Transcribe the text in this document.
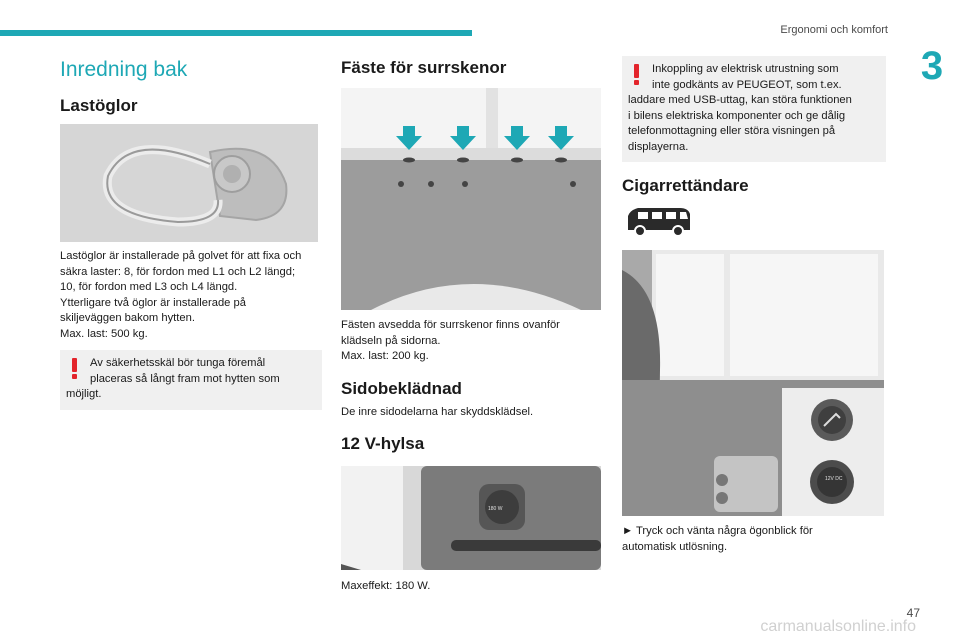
Ergonomi och komfort
3
Inredning bak
Lastöglor

Lastöglor är installerade på golvet för att fixa och
säkra laster: 8, för fordon med L1 och L2 längd;
10, för fordon med L3 och L4 längd.
Ytterligare två öglor är installerade på
skiljeväggen bakom hytten.
Max. last: 500 kg.

Av säkerhetsskäl bör tunga föremål
placeras så långt fram mot hytten som
möjligt.
Fäste för surrskenor

Fästen avsedda för surrskenor finns ovanför
klädseln på sidorna.
Max. last: 200 kg.

Sidobeklädnad

De inre sidodelarna har skyddsklädsel.

12 V-hylsa
180 W

Maxeffekt: 180 W.

Inkoppling av elektrisk utrustning som
inte godkänts av PEUGEOT, som t.ex.
laddare med USB-uttag, kan störa funktionen
i bilens elektriska komponenter och ge dålig
telefonmottagning eller störa visningen på
displayerna.
Cigarrettändare
12V DC

► Tryck och vänta några ögonblick för
automatisk utlösning.

47
carmanualsonline.info
